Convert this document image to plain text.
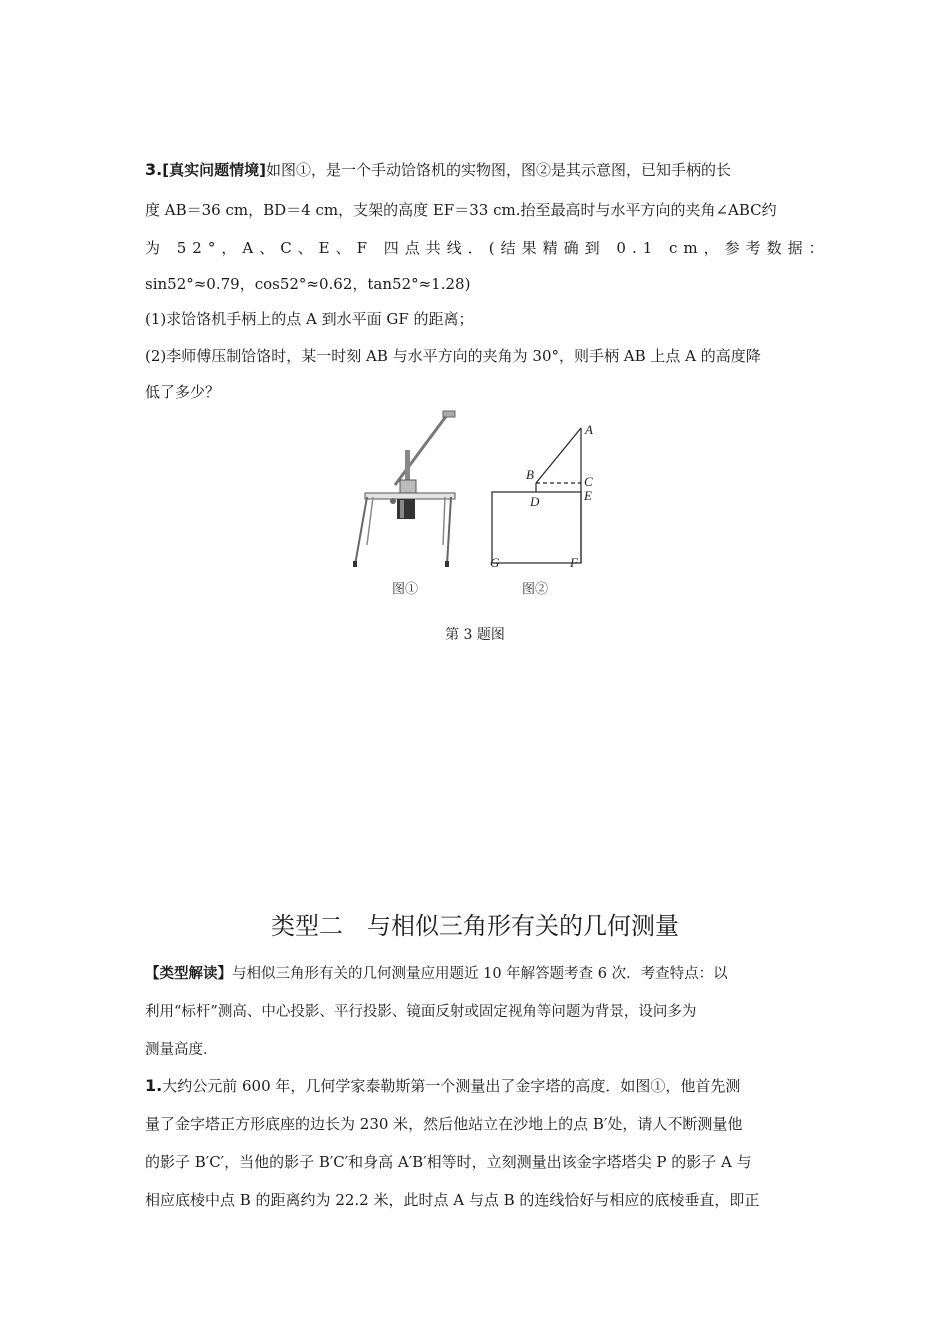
3.[真实问题情境]如图①，是一个手动饸饹机的实物图，图②是其示意图，已知手柄的长
度 AB＝36 cm，BD＝4 cm，支架的高度 EF＝33 cm.抬至最高时与水平方向的夹角∠ABC约
为 52°，A、C、E、F 四点共线．(结果精确到 0.1 cm，参考数据：
sin52°≈0.79，cos52°≈0.62，tan52°≈1.28)
(1)求饸饹机手柄上的点 A 到水平面 GF 的距离；
(2)李师傅压制饸饹时，某一时刻 AB 与水平方向的夹角为 30°，则手柄 AB 上点 A 的高度降
低了多少？
A
B	C
D	E
G	F
图①	图②
第 3 题图
类型二　与相似三角形有关的几何测量
【类型解读】与相似三角形有关的几何测量应用题近 10 年解答题考查 6 次．考查特点：以
利用“标杆”测高、中心投影、平行投影、镜面反射或固定视角等问题为背景，设问多为
测量高度．
1.大约公元前 600 年，几何学家泰勒斯第一个测量出了金字塔的高度．如图①，他首先测
量了金字塔正方形底座的边长为 230 米，然后他站立在沙地上的点 B′处，请人不断测量他
的影子 B′C′，当他的影子 B′C′和身高 A′B′相等时，立刻测量出该金字塔塔尖 P 的影子 A 与
相应底棱中点 B 的距离约为 22.2 米，此时点 A 与点 B 的连线恰好与相应的底棱垂直，即正
